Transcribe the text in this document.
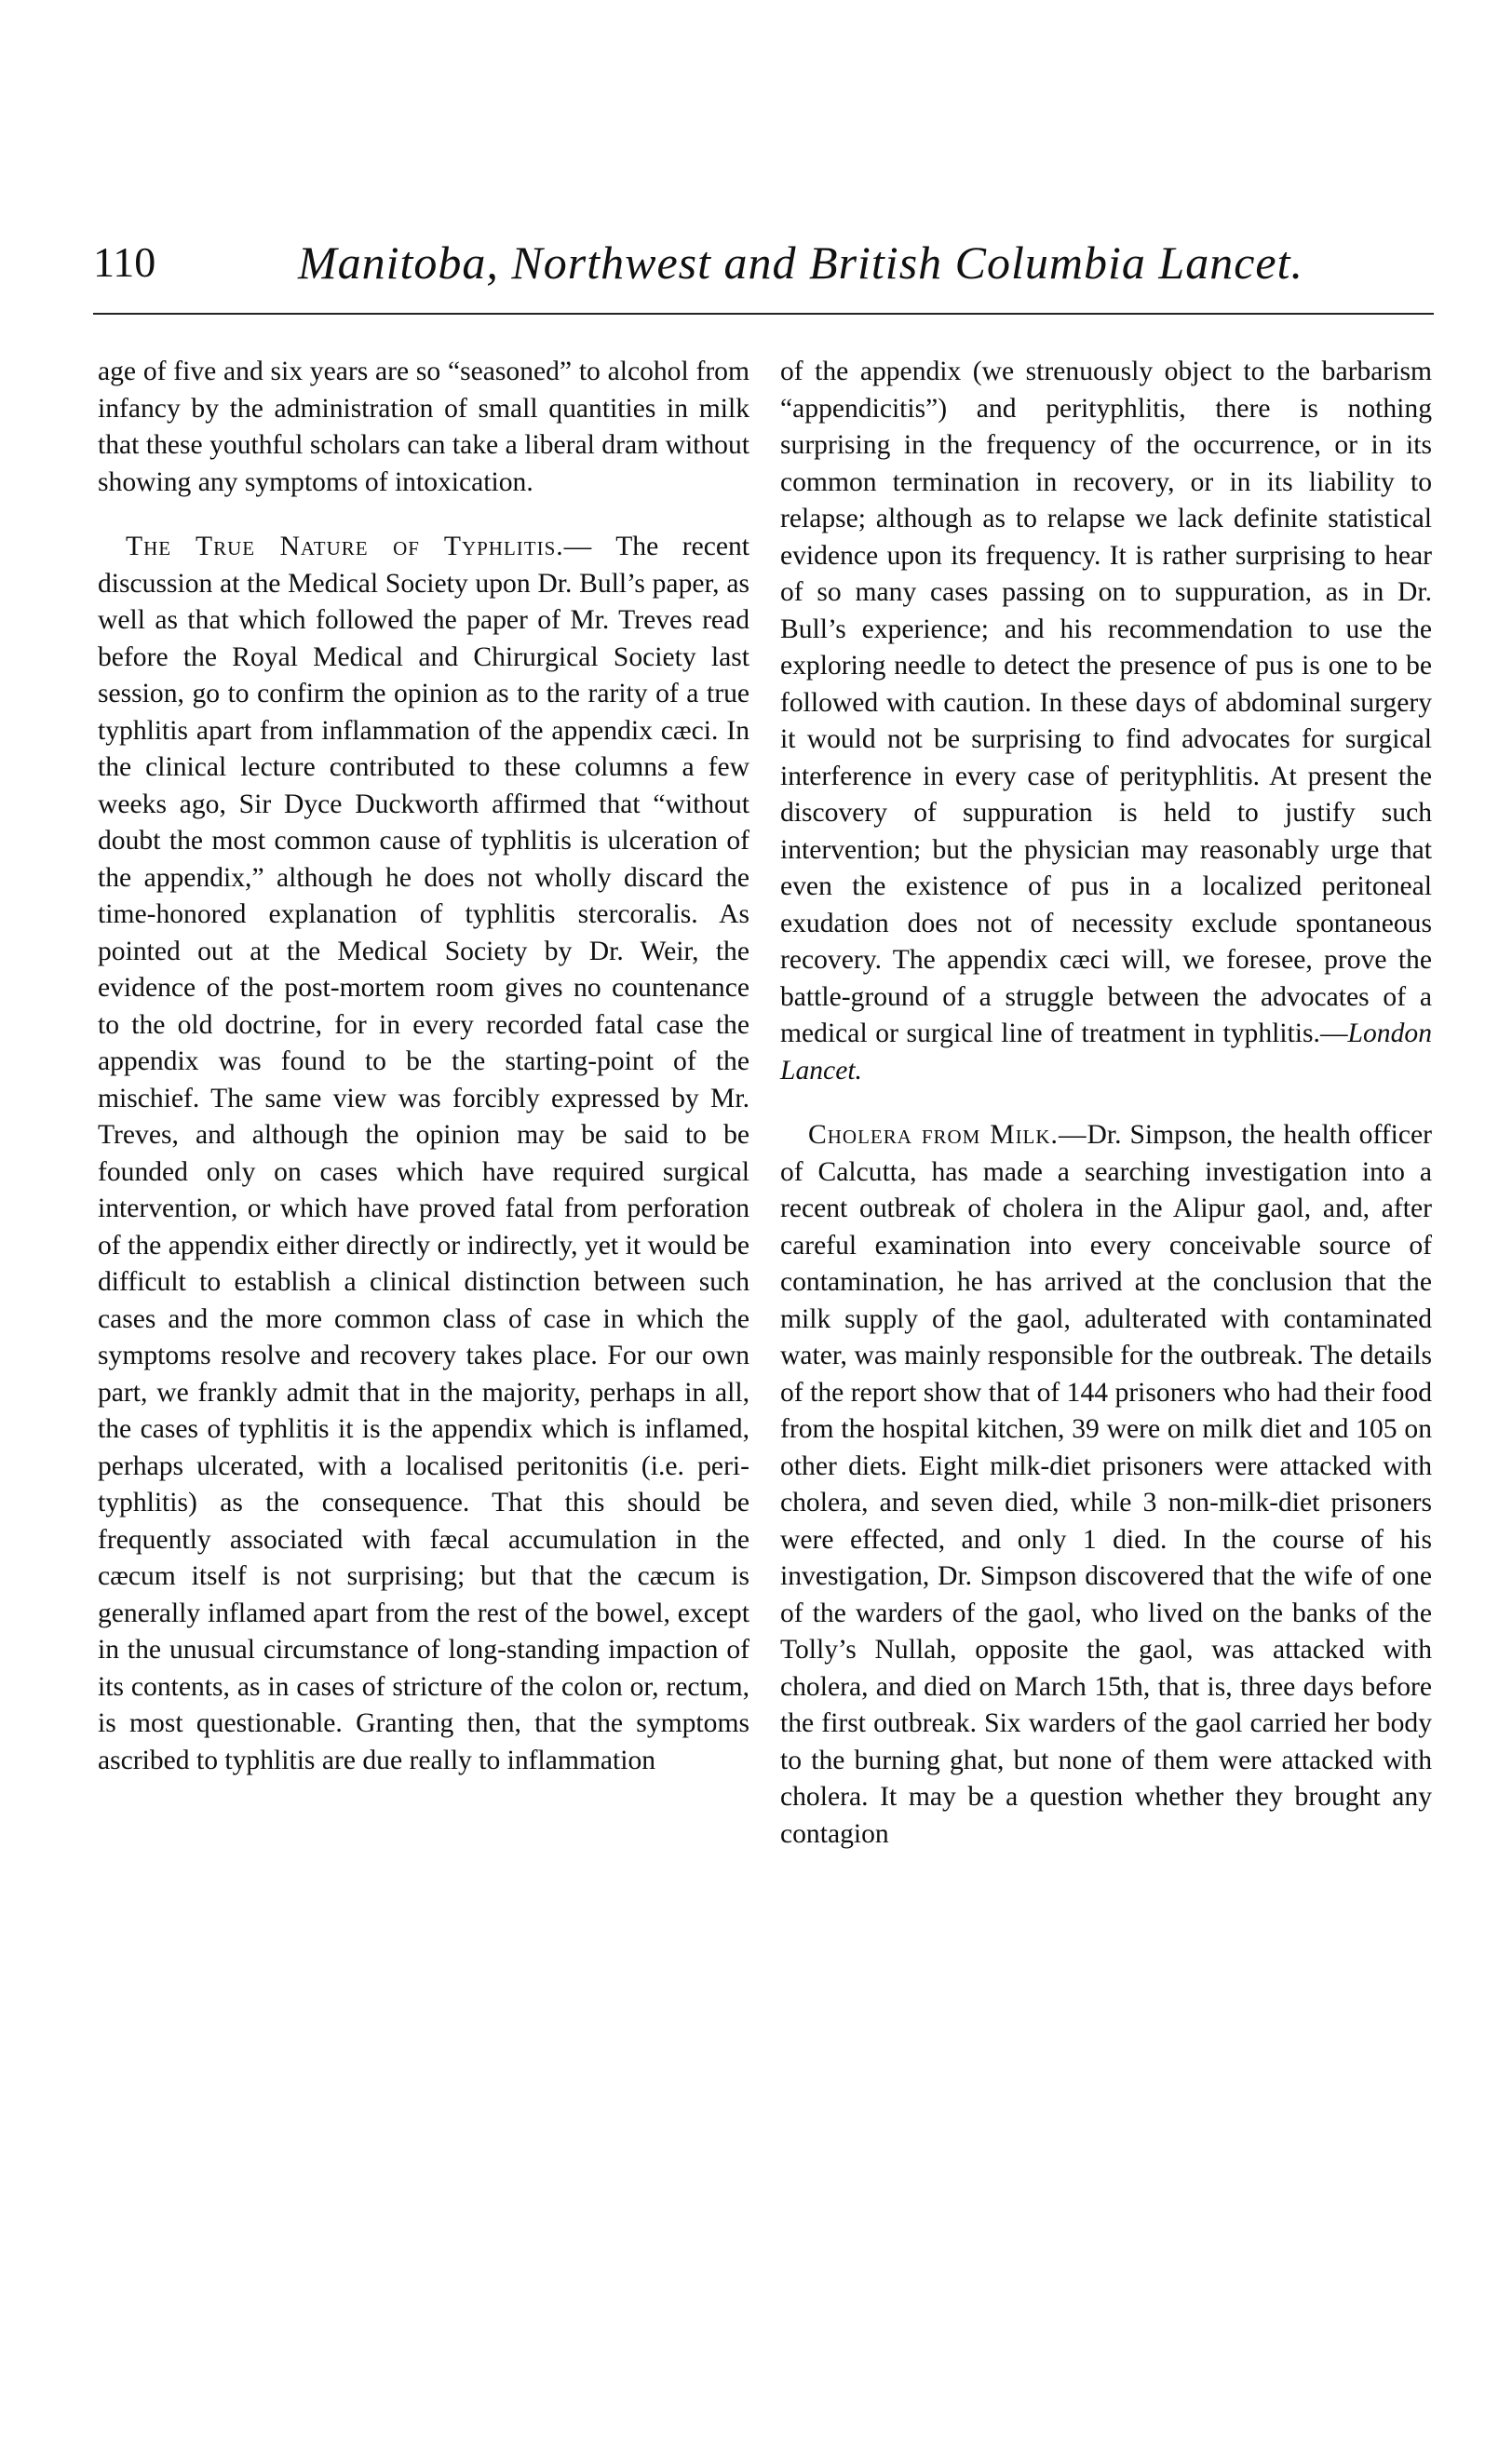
110	Manitoba, Northwest and British Columbia Lancet.

age of five and six years are so “seasoned” to alcohol from infancy by the administration of small quantities in milk that these youthful scholars can take a liberal dram without showing any symptoms of intoxication.

The True Nature of Typhlitis.— The recent discussion at the Medical Society upon Dr. Bull’s paper, as well as that which followed the paper of Mr. Treves read before the Royal Medical and Chirurgical Society last session, go to confirm the opinion as to the rarity of a true typhlitis apart from inflammation of the appendix cæci. In the clinical lecture contributed to these columns a few weeks ago, Sir Dyce Duckworth affirmed that “without doubt the most common cause of typhlitis is ulceration of the appendix,” although he does not wholly discard the time-honored explanation of typhlitis stercoralis. As pointed out at the Medical Society by Dr. Weir, the evidence of the post-mortem room gives no countenance to the old doctrine, for in every recorded fatal case the appendix was found to be the starting-point of the mischief. The same view was forcibly expressed by Mr. Treves, and although the opinion may be said to be founded only on cases which have required surgical intervention, or which have proved fatal from perforation of the appendix either directly or indirectly, yet it would be difficult to establish a clinical distinction between such cases and the more common class of case in which the symptoms resolve and recovery takes place. For our own part, we frankly admit that in the majority, perhaps in all, the cases of typhlitis it is the appendix which is inflamed, perhaps ulcerated, with a localised peritonitis (i.e. peri-typhlitis) as the consequence. That this should be frequently associated with fæcal accumulation in the cæcum itself is not surprising; but that the cæcum is generally inflamed apart from the rest of the bowel, except in the unusual circumstance of long-standing impaction of its contents, as in cases of stricture of the colon or, rectum, is most questionable. Granting then, that the symptoms ascribed to typhlitis are due really to inflammation

of the appendix (we strenuously object to the barbarism “appendicitis”) and perityphlitis, there is nothing surprising in the frequency of the occurrence, or in its common termination in recovery, or in its liability to relapse; although as to relapse we lack definite statistical evidence upon its frequency. It is rather surprising to hear of so many cases passing on to suppuration, as in Dr. Bull’s experience; and his recommendation to use the exploring needle to detect the presence of pus is one to be followed with caution. In these days of abdominal surgery it would not be surprising to find advocates for surgical interference in every case of perityphlitis. At present the discovery of suppuration is held to justify such intervention; but the physician may reasonably urge that even the existence of pus in a localized peritoneal exudation does not of necessity exclude spontaneous recovery. The appendix cæci will, we foresee, prove the battle-ground of a struggle between the advocates of a medical or surgical line of treatment in typhlitis.—London Lancet.

Cholera from Milk.—Dr. Simpson, the health officer of Calcutta, has made a searching investigation into a recent outbreak of cholera in the Alipur gaol, and, after careful examination into every conceivable source of contamination, he has arrived at the conclusion that the milk supply of the gaol, adulterated with contaminated water, was mainly responsible for the outbreak. The details of the report show that of 144 prisoners who had their food from the hospital kitchen, 39 were on milk diet and 105 on other diets. Eight milk-diet prisoners were attacked with cholera, and seven died, while 3 non-milk-diet prisoners were effected, and only 1 died. In the course of his investigation, Dr. Simpson discovered that the wife of one of the warders of the gaol, who lived on the banks of the Tolly’s Nullah, opposite the gaol, was attacked with cholera, and died on March 15th, that is, three days before the first outbreak. Six warders of the gaol carried her body to the burning ghat, but none of them were attacked with cholera. It may be a question whether they brought any contagion
